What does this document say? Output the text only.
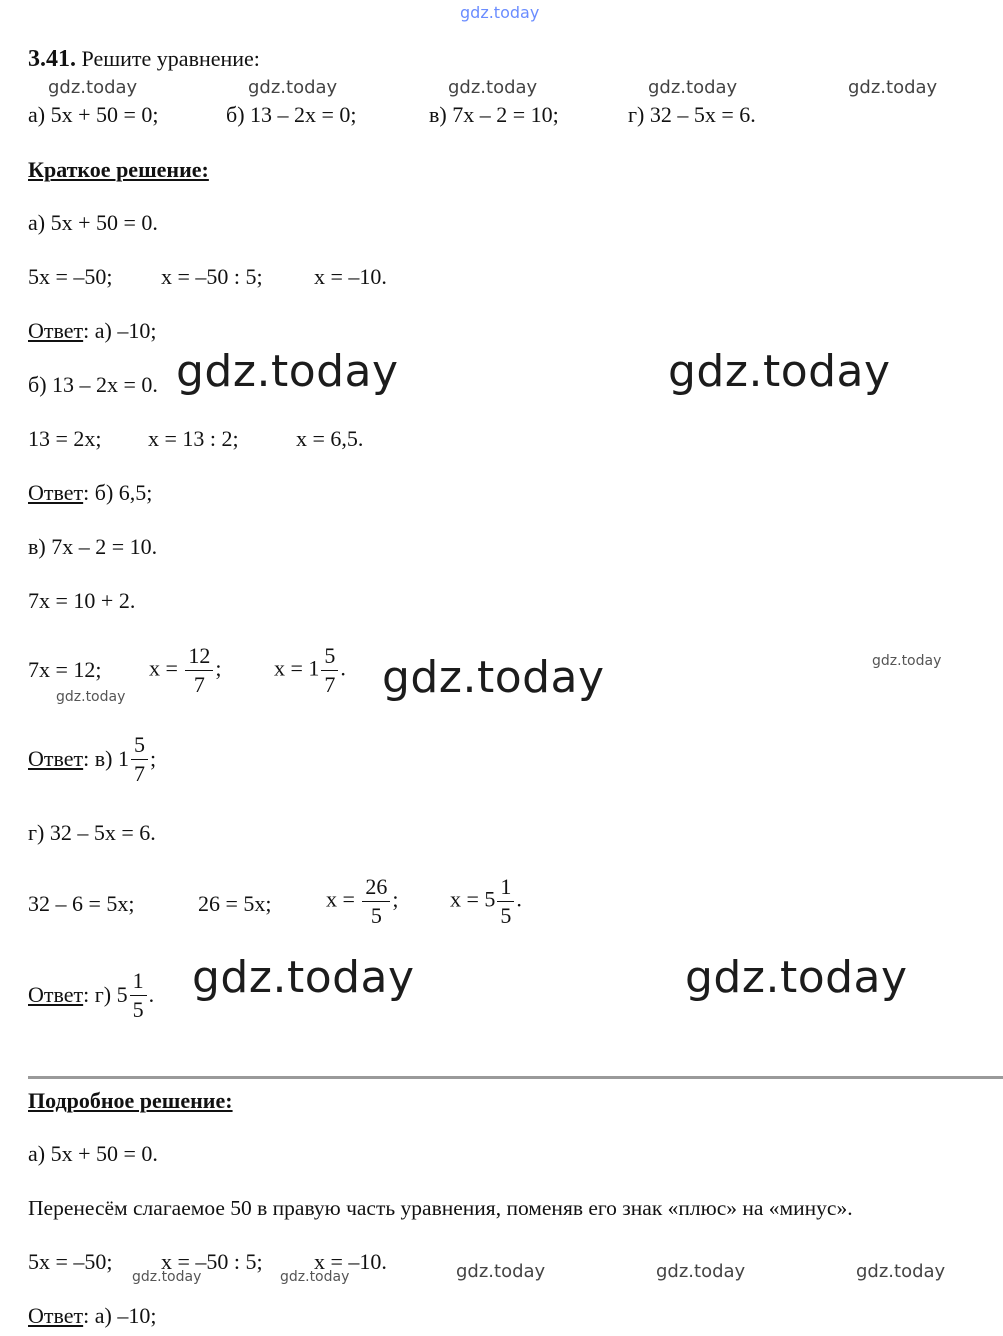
gdz.today
3.41. Решите уравнение:
gdz.today	gdz.today	gdz.today	gdz.today	gdz.today
а) 5x + 50 = 0;	б) 13 – 2x = 0;	в) 7x – 2 = 10;	г) 32 – 5x = 6.
Краткое решение:
а) 5x + 50 = 0.
5x = –50; x = –50 : 5; x = –10.
Ответ: а) –10;
б) 13 – 2x = 0. gdz.today	gdz.today
13 = 2x; x = 13 : 2;	x = 6,5.
Ответ: б) 6,5;
в) 7x – 2 = 10.
7x = 10 + 2.
7x = 12; $x = \frac{12}{7}$ ; $x = 1 \frac{5}{7}$ .
gdz.today	gdz.today	gdz.today
Ответ: в) $1 \frac{5}{7}$ ;
г) 32 – 5x = 6.
32 – 6 = 5x;	26 = 5x; $x = \frac{26}{5}$ ; $x = 5 \frac{1}{5}$ .
Ответ: г) $5 \frac{1}{5}$ . gdz.today	gdz.today
Подробное решение:
а) 5x + 50 = 0.
Перенесём слагаемое 50 в правую часть уравнения, поменяв его знак «плюс» на «минус».
5x = –50; x = –50 : 5; x = –10.
gdz.today	gdz.today	gdz.today	gdz.today	gdz.today
Ответ: а) –10;
